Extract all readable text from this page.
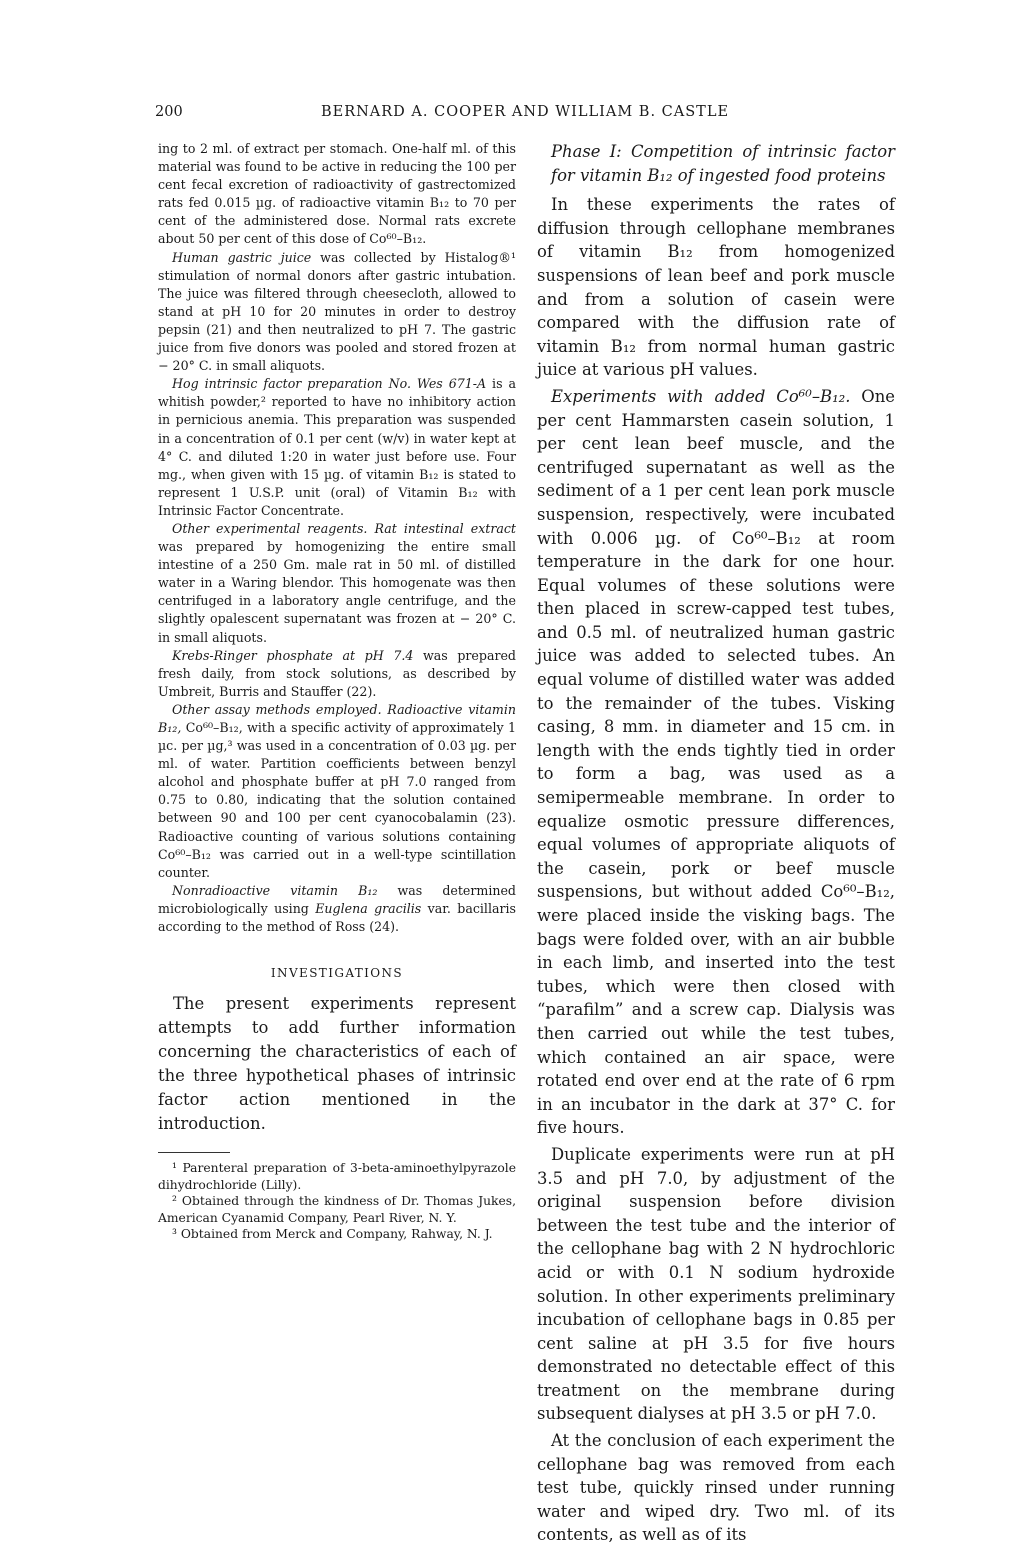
200	BERNARD A. COOPER AND WILLIAM B. CASTLE

ing to 2 ml. of extract per stomach. One-half ml. of this material was found to be active in reducing the 100 per cent fecal excretion of radioactivity of gastrectomized rats fed 0.015 µg. of radioactive vitamin B₁₂ to 70 per cent of the administered dose. Normal rats excrete about 50 per cent of this dose of Co⁶⁰–B₁₂.

Human gastric juice was collected by Histalog®¹ stimulation of normal donors after gastric intubation. The juice was filtered through cheesecloth, allowed to stand at pH 10 for 20 minutes in order to destroy pepsin (21) and then neutralized to pH 7. The gastric juice from five donors was pooled and stored frozen at − 20° C. in small aliquots.

Hog intrinsic factor preparation No. Wes 671-A is a whitish powder,² reported to have no inhibitory action in pernicious anemia. This preparation was suspended in a concentration of 0.1 per cent (w/v) in water kept at 4° C. and diluted 1:20 in water just before use. Four mg., when given with 15 µg. of vitamin B₁₂ is stated to represent 1 U.S.P. unit (oral) of Vitamin B₁₂ with Intrinsic Factor Concentrate.

Other experimental reagents. Rat intestinal extract was prepared by homogenizing the entire small intestine of a 250 Gm. male rat in 50 ml. of distilled water in a Waring blendor. This homogenate was then centrifuged in a laboratory angle centrifuge, and the slightly opalescent supernatant was frozen at − 20° C. in small aliquots.

Krebs-Ringer phosphate at pH 7.4 was prepared fresh daily, from stock solutions, as described by Umbreit, Burris and Stauffer (22).

Other assay methods employed. Radioactive vitamin B₁₂, Co⁶⁰–B₁₂, with a specific activity of approximately 1 µc. per µg,³ was used in a concentration of 0.03 µg. per ml. of water. Partition coefficients between benzyl alcohol and phosphate buffer at pH 7.0 ranged from 0.75 to 0.80, indicating that the solution contained between 90 and 100 per cent cyanocobalamin (23). Radioactive counting of various solutions containing Co⁶⁰–B₁₂ was carried out in a well-type scintillation counter.

Nonradioactive vitamin B₁₂ was determined microbiologically using Euglena gracilis var. bacillaris according to the method of Ross (24).

INVESTIGATIONS

The present experiments represent attempts to add further information concerning the characteristics of each of the three hypothetical phases of intrinsic factor action mentioned in the introduction.

¹ Parenteral preparation of 3-beta-aminoethylpyrazole dihydrochloride (Lilly).

² Obtained through the kindness of Dr. Thomas Jukes, American Cyanamid Company, Pearl River, N. Y.

³ Obtained from Merck and Company, Rahway, N. J.

Phase I: Competition of intrinsic factor for vitamin B₁₂ of ingested food proteins

In these experiments the rates of diffusion through cellophane membranes of vitamin B₁₂ from homogenized suspensions of lean beef and pork muscle and from a solution of casein were compared with the diffusion rate of vitamin B₁₂ from normal human gastric juice at various pH values.

Experiments with added Co⁶⁰–B₁₂. One per cent Hammarsten casein solution, 1 per cent lean beef muscle, and the centrifuged supernatant as well as the sediment of a 1 per cent lean pork muscle suspension, respectively, were incubated with 0.006 µg. of Co⁶⁰–B₁₂ at room temperature in the dark for one hour. Equal volumes of these solutions were then placed in screw-capped test tubes, and 0.5 ml. of neutralized human gastric juice was added to selected tubes. An equal volume of distilled water was added to the remainder of the tubes. Visking casing, 8 mm. in diameter and 15 cm. in length with the ends tightly tied in order to form a bag, was used as a semipermeable membrane. In order to equalize osmotic pressure differences, equal volumes of appropriate aliquots of the casein, pork or beef muscle suspensions, but without added Co⁶⁰–B₁₂, were placed inside the visking bags. The bags were folded over, with an air bubble in each limb, and inserted into the test tubes, which were then closed with “parafilm” and a screw cap. Dialysis was then carried out while the test tubes, which contained an air space, were rotated end over end at the rate of 6 rpm in an incubator in the dark at 37° C. for five hours.

Duplicate experiments were run at pH 3.5 and pH 7.0, by adjustment of the original suspension before division between the test tube and the interior of the cellophane bag with 2 N hydrochloric acid or with 0.1 N sodium hydroxide solution. In other experiments preliminary incubation of cellophane bags in 0.85 per cent saline at pH 3.5 for five hours demonstrated no detectable effect of this treatment on the membrane during subsequent dialyses at pH 3.5 or pH 7.0.

At the conclusion of each experiment the cellophane bag was removed from each test tube, quickly rinsed under running water and wiped dry. Two ml. of its contents, as well as of its
